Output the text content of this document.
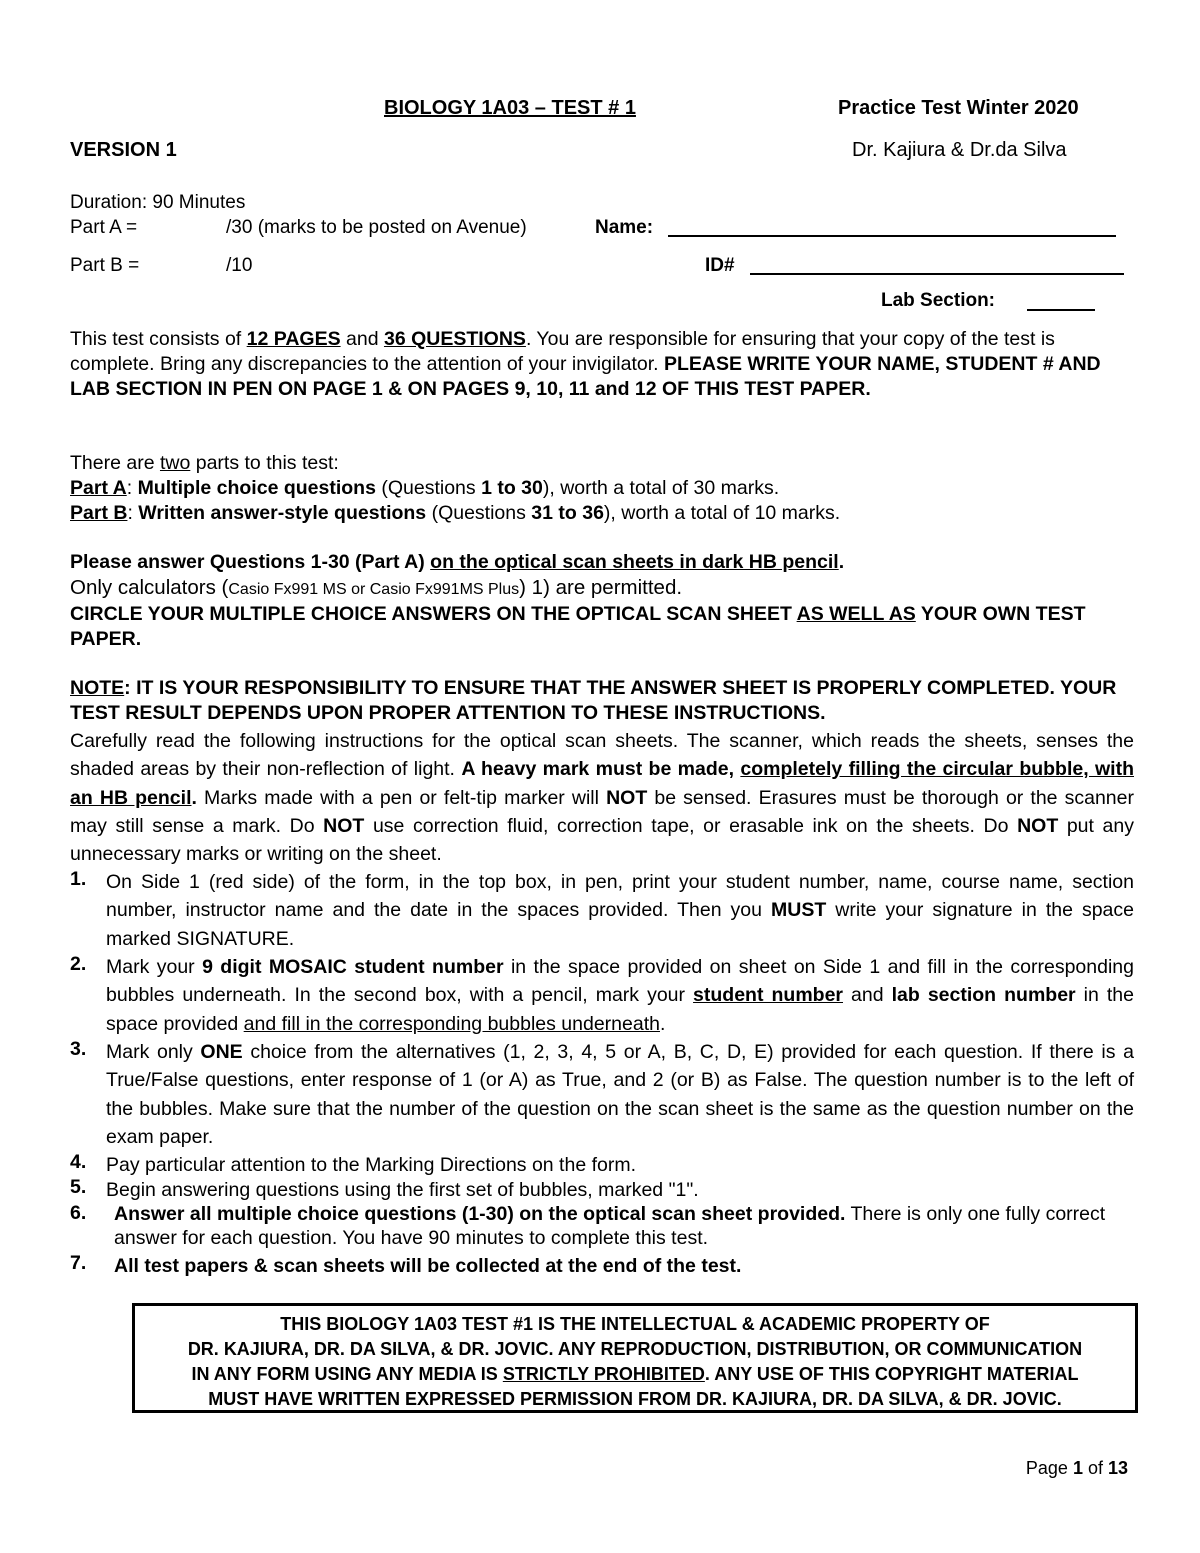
BIOLOGY 1A03 – TEST # 1	Practice Test Winter 2020
VERSION 1	Dr. Kajiura & Dr.da Silva
Duration: 90 Minutes
Part A =	/30 (marks to be posted on Avenue)	Name:
Part B =	/10	ID#
Lab Section:
This test consists of 12 PAGES and 36 QUESTIONS. You are responsible for ensuring that your copy of the test is complete. Bring any discrepancies to the attention of your invigilator. PLEASE WRITE YOUR NAME, STUDENT # AND LAB SECTION IN PEN ON PAGE 1 & ON PAGES 9, 10, 11 and 12 OF THIS TEST PAPER.
There are two parts to this test:
Part A: Multiple choice questions (Questions 1 to 30), worth a total of 30 marks.
Part B: Written answer-style questions (Questions 31 to 36), worth a total of 10 marks.
Please answer Questions 1-30 (Part A) on the optical scan sheets in dark HB pencil.
Only calculators (Casio Fx991 MS or Casio Fx991MS Plus) 1) are permitted.
CIRCLE YOUR MULTIPLE CHOICE ANSWERS ON THE OPTICAL SCAN SHEET AS WELL AS YOUR OWN TEST PAPER.
NOTE: IT IS YOUR RESPONSIBILITY TO ENSURE THAT THE ANSWER SHEET IS PROPERLY COMPLETED. YOUR TEST RESULT DEPENDS UPON PROPER ATTENTION TO THESE INSTRUCTIONS.
Carefully read the following instructions for the optical scan sheets. The scanner, which reads the sheets, senses the shaded areas by their non-reflection of light. A heavy mark must be made, completely filling the circular bubble, with an HB pencil. Marks made with a pen or felt-tip marker will NOT be sensed. Erasures must be thorough or the scanner may still sense a mark. Do NOT use correction fluid, correction tape, or erasable ink on the sheets. Do NOT put any unnecessary marks or writing on the sheet.
1. On Side 1 (red side) of the form, in the top box, in pen, print your student number, name, course name, section number, instructor name and the date in the spaces provided. Then you MUST write your signature in the space marked SIGNATURE.
2. Mark your 9 digit MOSAIC student number in the space provided on sheet on Side 1 and fill in the corresponding bubbles underneath. In the second box, with a pencil, mark your student number and lab section number in the space provided and fill in the corresponding bubbles underneath.
3. Mark only ONE choice from the alternatives (1, 2, 3, 4, 5 or A, B, C, D, E) provided for each question. If there is a True/False questions, enter response of 1 (or A) as True, and 2 (or B) as False. The question number is to the left of the bubbles. Make sure that the number of the question on the scan sheet is the same as the question number on the exam paper.
4. Pay particular attention to the Marking Directions on the form.
5. Begin answering questions using the first set of bubbles, marked "1".
6. Answer all multiple choice questions (1-30) on the optical scan sheet provided. There is only one fully correct answer for each question. You have 90 minutes to complete this test.
7. All test papers & scan sheets will be collected at the end of the test.
THIS BIOLOGY 1A03 TEST #1 IS THE INTELLECTUAL & ACADEMIC PROPERTY OF
DR. KAJIURA, DR. DA SILVA, & DR. JOVIC. ANY REPRODUCTION, DISTRIBUTION, OR COMMUNICATION
IN ANY FORM USING ANY MEDIA IS STRICTLY PROHIBITED. ANY USE OF THIS COPYRIGHT MATERIAL
MUST HAVE WRITTEN EXPRESSED PERMISSION FROM DR. KAJIURA, DR. DA SILVA, & DR. JOVIC.
Page 1 of 13
